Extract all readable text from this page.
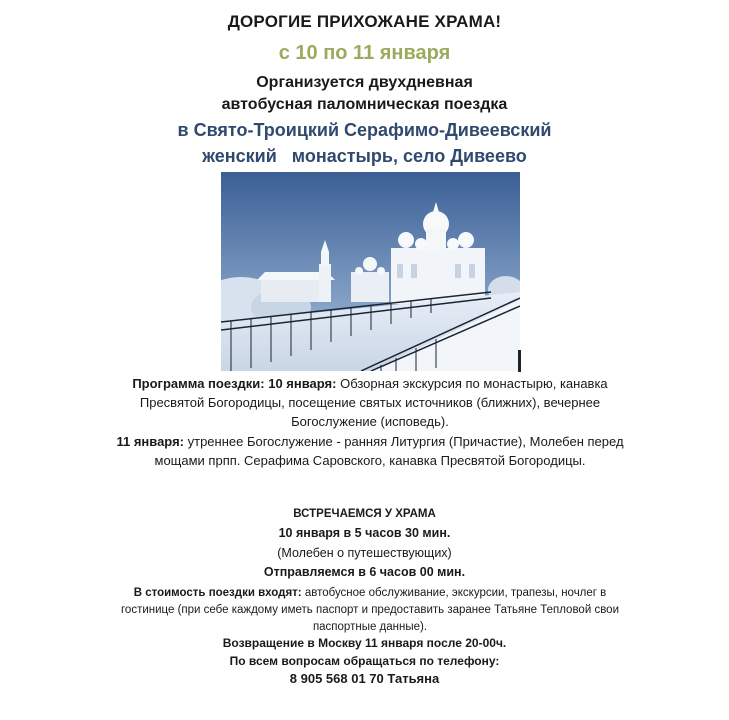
ДОРОГИЕ ПРИХОЖАНЕ ХРАМА!
с 10 по 11 января
Организуется двухдневная
автобусная паломническая поездка
в Свято-Троицкий Серафимо-Дивеевский
женский   монастырь, село Дивеево
Программа поездки: 10 января: Обзорная экскурсия по монастырю, канавка Пресвятой Богородицы, посещение святых источников (ближних), вечернее Богослужение (исповедь).
11 января: утреннее Богослужение - ранняя Литургия (Причастие), Молебен перед мощами прпп. Серафима Саровского, канавка Пресвятой Богородицы.
ВСТРЕЧАЕМСЯ У ХРАМА
10 января в 5 часов 30 мин.
(Молебен о путешествующих)
Отправляемся в 6 часов 00 мин.
В стоимость поездки входят: автобусное обслуживание, экскурсии, трапезы, ночлег в гостинице (при себе каждому иметь паспорт и предоставить заранее Татьяне Тепловой свои паспортные данные).
Возвращение в Москву 11 января после 20-00ч.
По всем вопросам обращаться по телефону:
8 905 568 01 70 Татьяна
